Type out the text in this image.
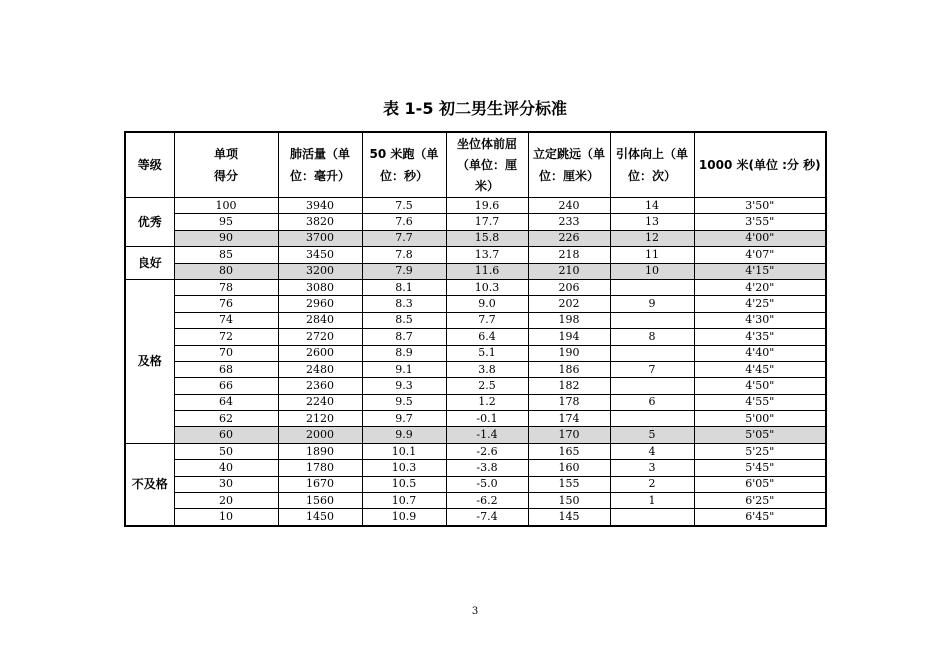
表 1-5 初二男生评分标准
等级	单项得分	肺活量（单位：毫升）	50 米跑（单位：秒）	坐位体前屈（单位：厘米）	立定跳远（单位：厘米）	引体向上（单位：次）	1000 米(单位 :分 秒)
优秀	100	3940	7.5	19.6	240	14	3'50"
	95	3820	7.6	17.7	233	13	3'55"
	90	3700	7.7	15.8	226	12	4'00"
良好	85	3450	7.8	13.7	218	11	4'07"
	80	3200	7.9	11.6	210	10	4'15"
及格	78	3080	8.1	10.3	206		4'20"
	76	2960	8.3	9.0	202	9	4'25"
	74	2840	8.5	7.7	198		4'30"
	72	2720	8.7	6.4	194	8	4'35"
	70	2600	8.9	5.1	190		4'40"
	68	2480	9.1	3.8	186	7	4'45"
	66	2360	9.3	2.5	182		4'50"
	64	2240	9.5	1.2	178	6	4'55"
	62	2120	9.7	-0.1	174		5'00"
	60	2000	9.9	-1.4	170	5	5'05"
不及格	50	1890	10.1	-2.6	165	4	5'25"
	40	1780	10.3	-3.8	160	3	5'45"
	30	1670	10.5	-5.0	155	2	6'05"
	20	1560	10.7	-6.2	150	1	6'25"
	10	1450	10.9	-7.4	145		6'45"
3
